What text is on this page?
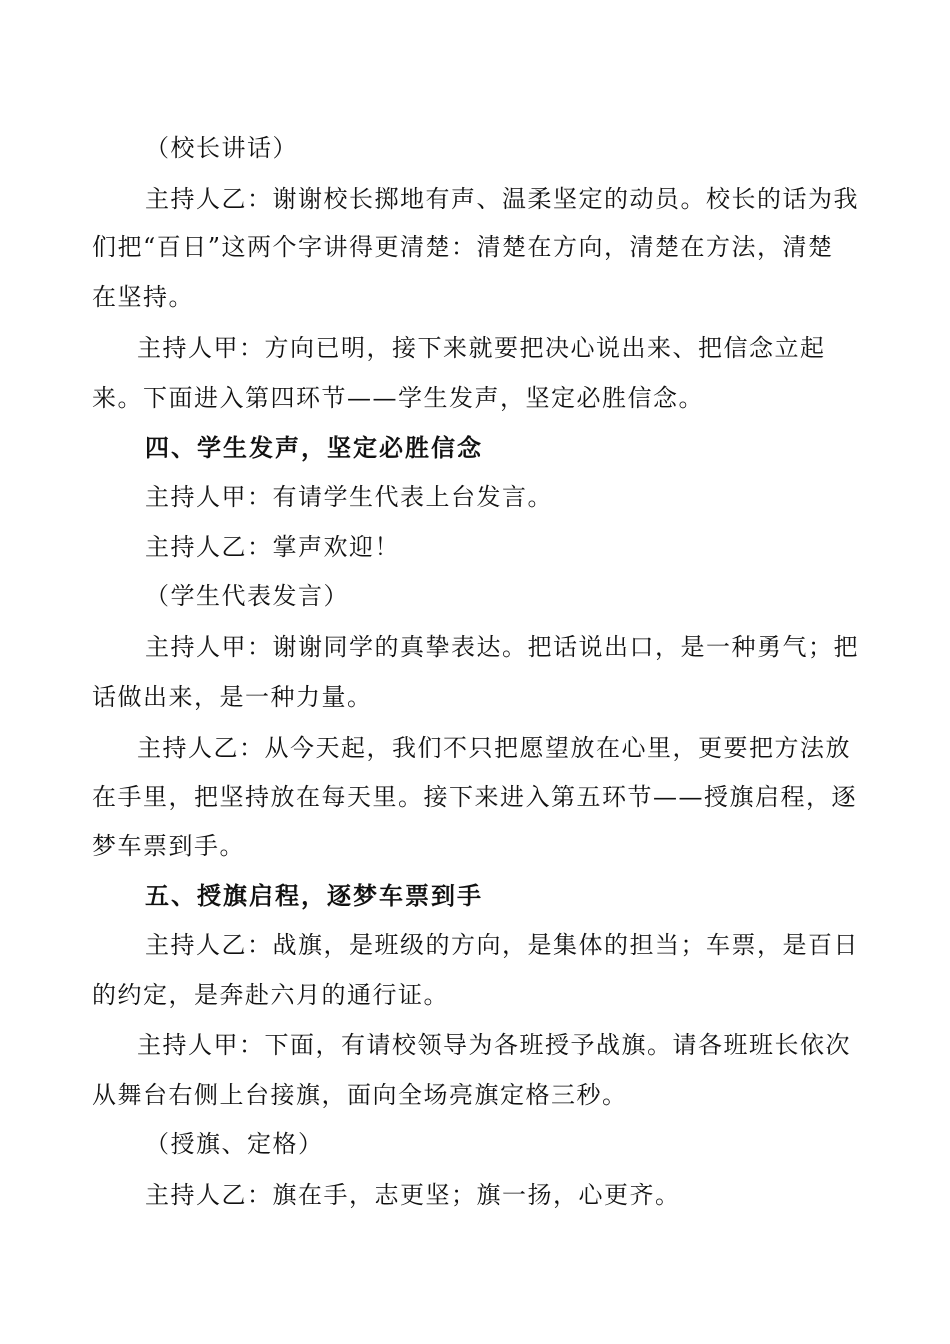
（校长讲话）
主持人乙：谢谢校长掷地有声、温柔坚定的动员。校长的话为我
们把“百日”这两个字讲得更清楚：清楚在方向，清楚在方法，清楚
在坚持。
主持人甲：方向已明，接下来就要把决心说出来、把信念立起
来。下面进入第四环节——学生发声，坚定必胜信念。
四、学生发声，坚定必胜信念
主持人甲：有请学生代表上台发言。
主持人乙：掌声欢迎！
（学生代表发言）
主持人甲：谢谢同学的真挚表达。把话说出口，是一种勇气；把
话做出来，是一种力量。
主持人乙：从今天起，我们不只把愿望放在心里，更要把方法放
在手里，把坚持放在每天里。接下来进入第五环节——授旗启程，逐
梦车票到手。
五、授旗启程，逐梦车票到手
主持人乙：战旗，是班级的方向，是集体的担当；车票，是百日
的约定，是奔赴六月的通行证。
主持人甲：下面，有请校领导为各班授予战旗。请各班班长依次
从舞台右侧上台接旗，面向全场亮旗定格三秒。
（授旗、定格）
主持人乙：旗在手，志更坚；旗一扬，心更齐。
